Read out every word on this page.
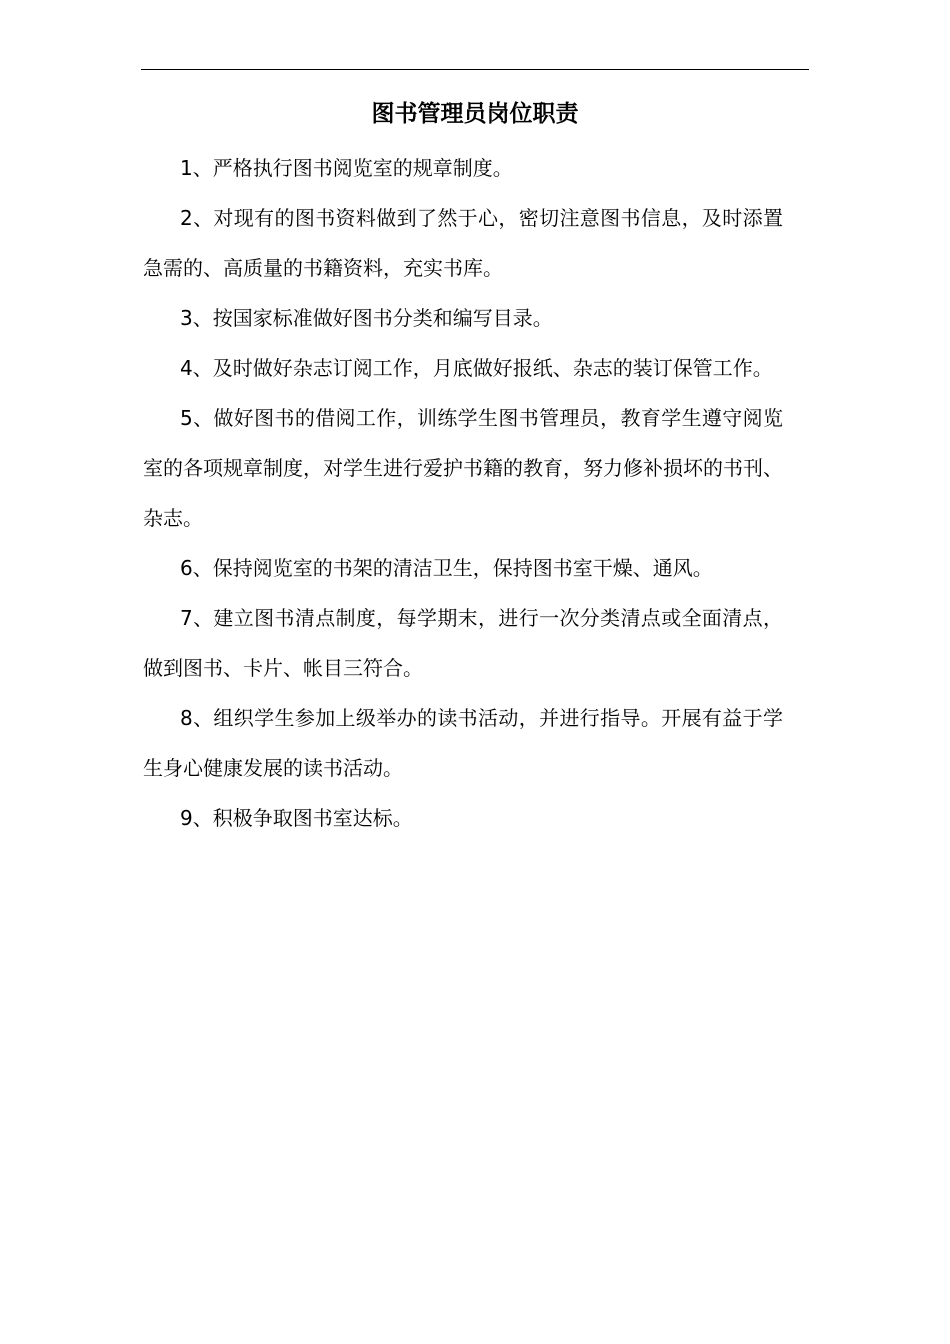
图书管理员岗位职责

1、严格执行图书阅览室的规章制度。

2、对现有的图书资料做到了然于心，密切注意图书信息，及时添置急需的、高质量的书籍资料，充实书库。

3、按国家标准做好图书分类和编写目录。

4、及时做好杂志订阅工作，月底做好报纸、杂志的装订保管工作。

5、做好图书的借阅工作，训练学生图书管理员，教育学生遵守阅览室的各项规章制度，对学生进行爱护书籍的教育，努力修补损坏的书刊、杂志。

6、保持阅览室的书架的清洁卫生，保持图书室干燥、通风。

7、建立图书清点制度，每学期末，进行一次分类清点或全面清点，做到图书、卡片、帐目三符合。

8、组织学生参加上级举办的读书活动，并进行指导。开展有益于学生身心健康发展的读书活动。

9、积极争取图书室达标。
